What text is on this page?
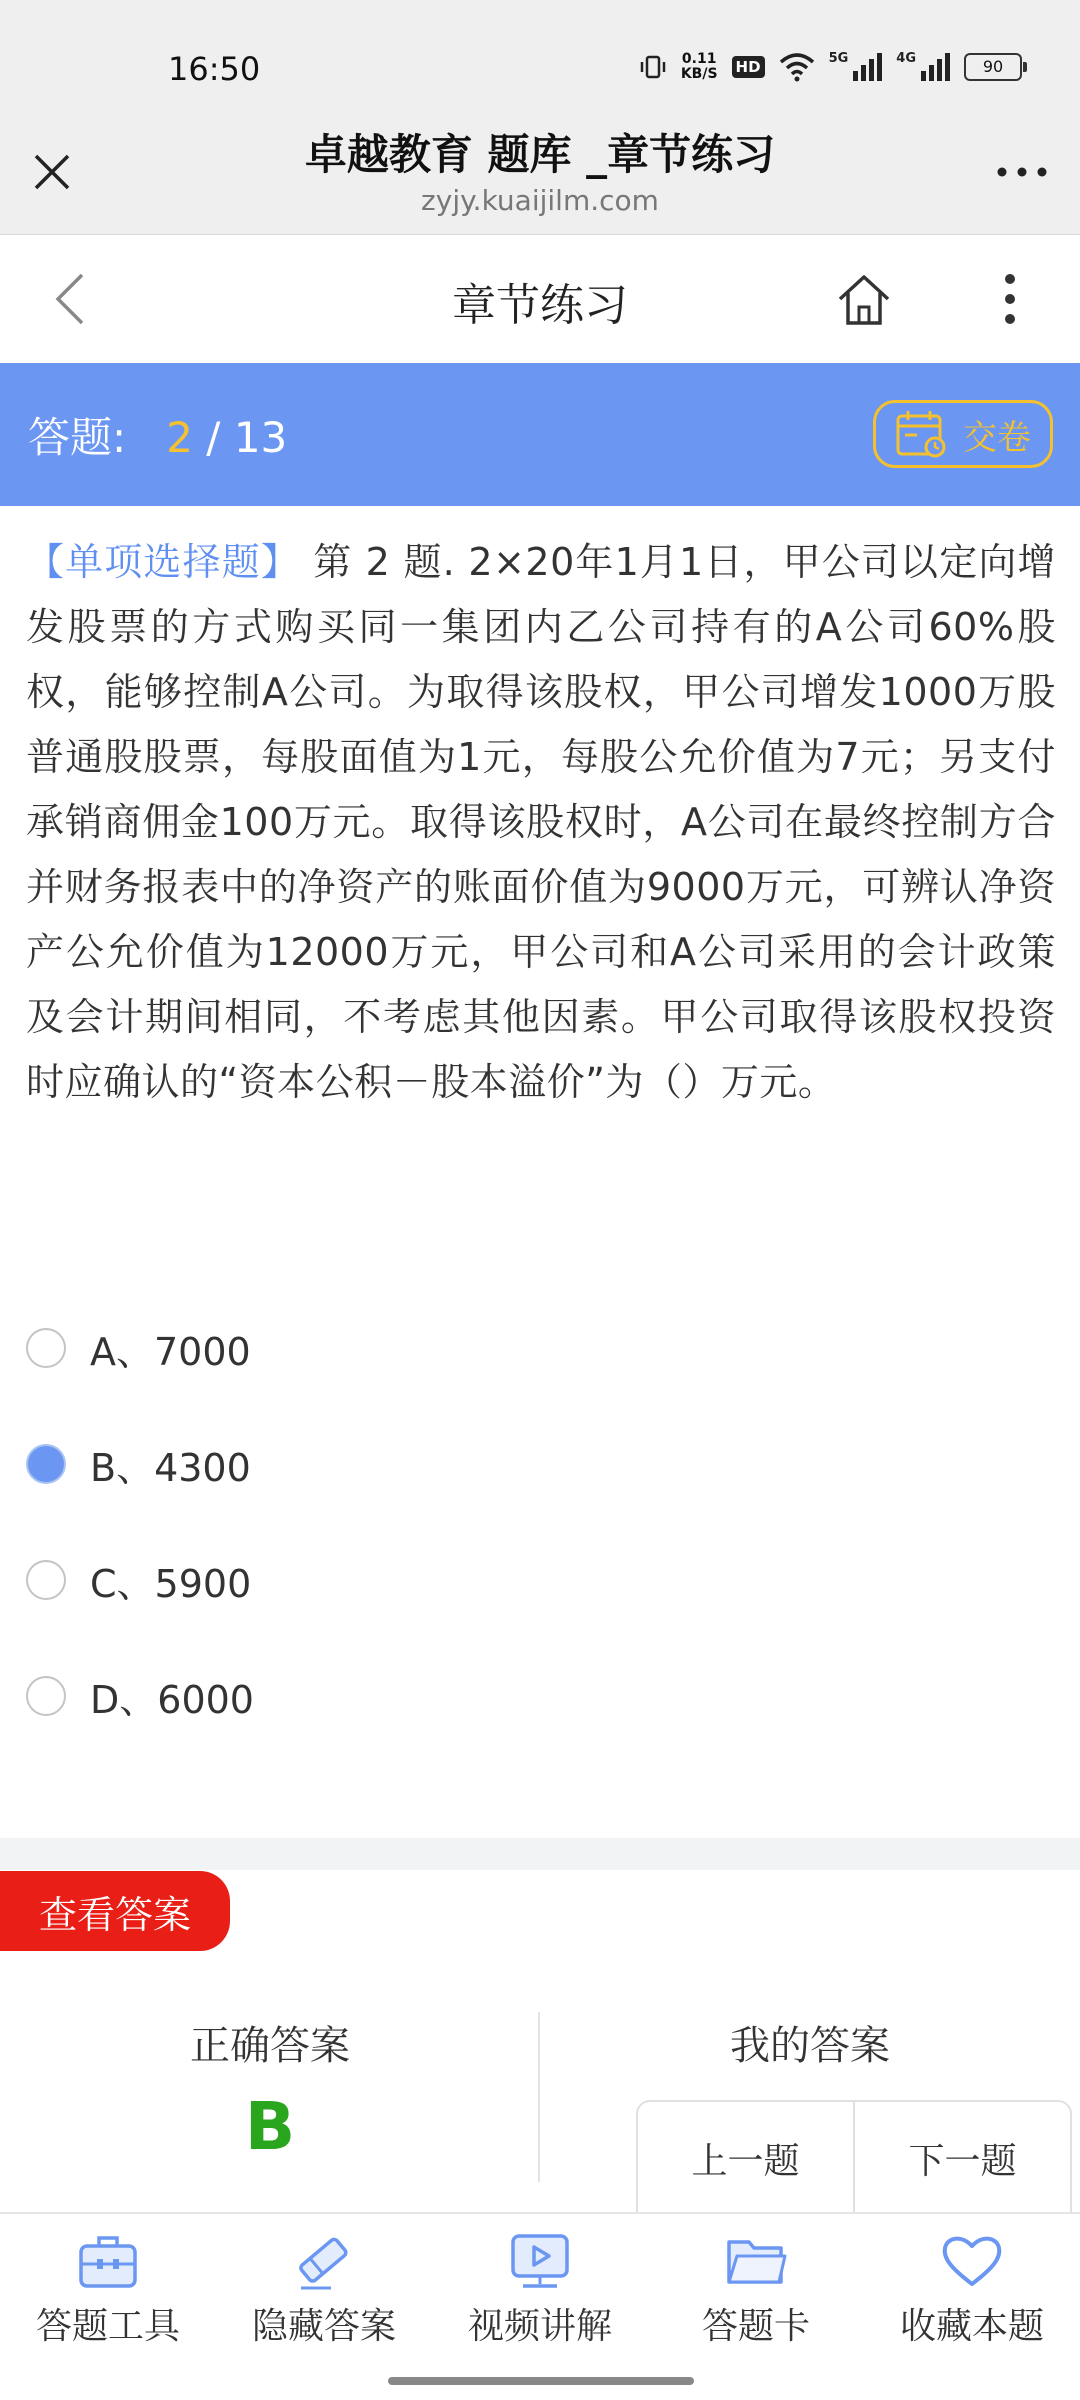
16:50	0.11
KB/S HD	5G	4G	90
卓越教育 题库 _章节练习
zyjy.kuaijilm.com
章节练习
答题: 2 / 13	交卷
【单项选择题】 第 2 题. 2×20年1月1日，甲公司以定向增发股票的方式购买同一集团内乙公司持有的A公司60%股权，能够控制A公司。为取得该股权，甲公司增发1000万股普通股股票，每股面值为1元，每股公允价值为7元；另支付承销商佣金100万元。取得该股权时，A公司在最终控制方合并财务报表中的净资产的账面价值为9000万元，可辨认净资产公允价值为12000万元，甲公司和A公司采用的会计政策及会计期间相同，不考虑其他因素。甲公司取得该股权投资时应确认的“资本公积－股本溢价”为（）万元。
A、7000
B、4300
C、5900
D、6000
查看答案
正确答案
B
我的答案
上一题	下一题
答题工具 隐藏答案 视频讲解 答题卡 收藏本题
